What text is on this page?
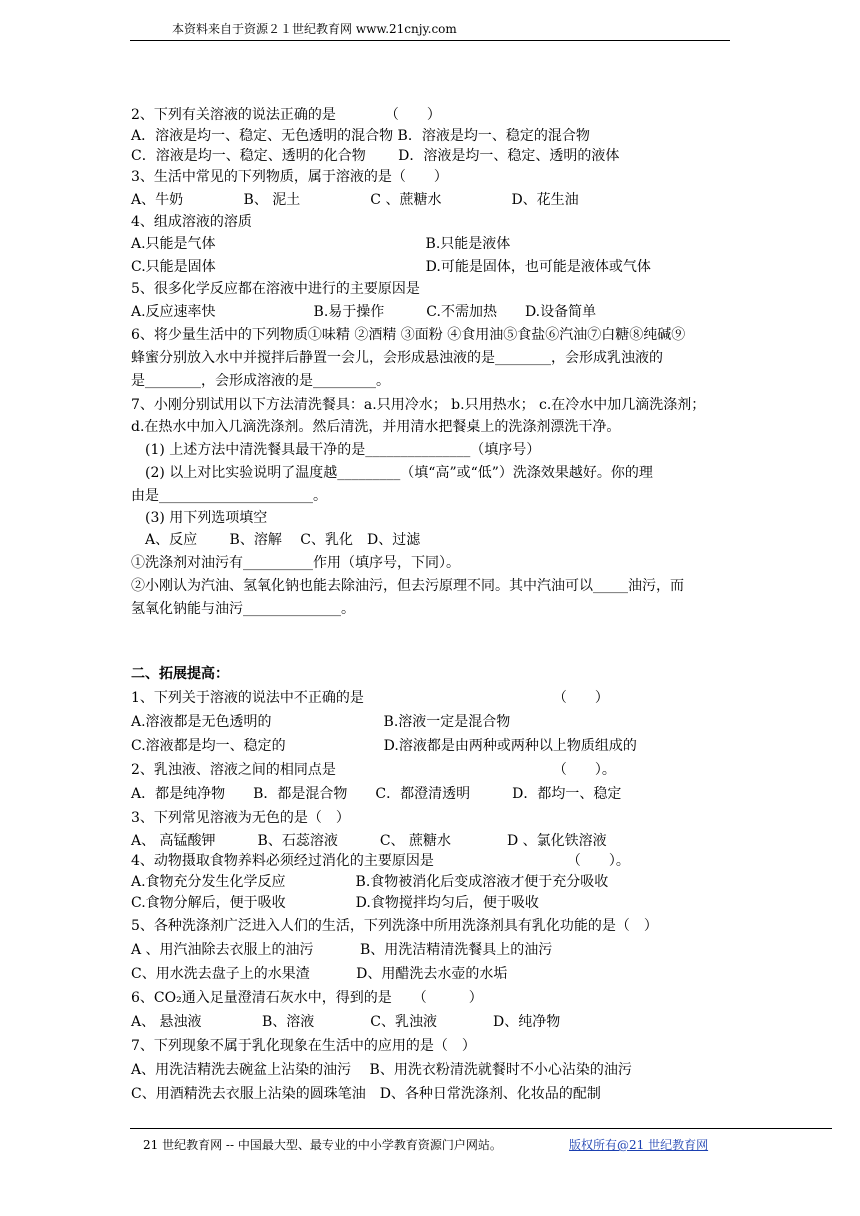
本资料来自于资源２１世纪教育网 www.21cnjy.com
2、下列有关溶液的说法正确的是　　　　（　　）
A．溶液是均一、稳定、无色透明的混合物 B．溶液是均一、稳定的混合物
C．溶液是均一、稳定、透明的化合物　　 D．溶液是均一、稳定、透明的液体
3、生活中常见的下列物质，属于溶液的是（　　）
A、牛奶　　　　 B、 泥土　　　　　C 、蔗糖水　　　　　D、花生油
4、组成溶液的溶质
A.只能是气体　　　　　　　　　　　　　　　B.只能是液体
C.只能是固体　　　　　　　　　　　　　　　D.可能是固体，也可能是液体或气体
5、很多化学反应都在溶液中进行的主要原因是
A.反应速率快　　　　　　　B.易于操作　　　C.不需加热　　D.设备简单
6、将少量生活中的下列物质①味精 ②酒精 ③面粉 ④食用油⑤食盐⑥汽油⑦白糖⑧纯碱⑨
蜂蜜分别放入水中并搅拌后静置一会儿，会形成悬浊液的是________，会形成乳浊液的
是________，会形成溶液的是_________。
7、小刚分别试用以下方法清洗餐具：a.只用冷水； b.只用热水； c.在冷水中加几滴洗涤剂；
d.在热水中加入几滴洗涤剂。然后清洗，并用清水把餐桌上的洗涤剂漂洗干净。
　(1) 上述方法中清洗餐具最干净的是_______________（填序号）
　(2) 以上对比实验说明了温度越_________（填“高”或“低”）洗涤效果越好。你的理
由是______________________。
　(3) 用下列选项填空
　A、反应　　 B、溶解　 C、乳化　D、过滤
①洗涤剂对油污有__________作用（填序号，下同）。
②小刚认为汽油、氢氧化钠也能去除油污，但去污原理不同。其中汽油可以_____油污，而
氢氧化钠能与油污______________。
二、拓展提高：
1、下列关于溶液的说法中不正确的是　　　　　　　　　　　　　　（　　）
A.溶液都是无色透明的　　　　　　　　B.溶液一定是混合物
C.溶液都是均一、稳定的　　　　　　　D.溶液都是由两种或两种以上物质组成的
2、乳浊液、溶液之间的相同点是　　　　　　　　　　　　　　　　（　　）。
A．都是纯净物　　B．都是混合物　　C．都澄清透明　　　D．都均一、稳定
3、下列常见溶液为无色的是（　）
A、 高锰酸钾　　　B、石蕊溶液　　　C、 蔗糖水　　　　D 、氯化铁溶液
4、动物摄取食物养料必须经过消化的主要原因是　　　　　　　　　　（　　）。
A.食物充分发生化学反应　　　　　B.食物被消化后变成溶液才便于充分吸收
C.食物分解后，便于吸收　　　　　D.食物搅拌均匀后，便于吸收
5、各种洗涤剂广泛进入人们的生活，下列洗涤中所用洗涤剂具有乳化功能的是（　）
A 、用汽油除去衣服上的油污　　　 B、用洗洁精清洗餐具上的油污
C、用水洗去盘子上的水果渣　　　 D、用醋洗去水壶的水垢
6、CO₂通入足量澄清石灰水中，得到的是　　（　　　）
A、 悬浊液　　　　 B、溶液　　　　C、乳浊液　　　　D、纯净物
7、下列现象不属于乳化现象在生活中的应用的是（　）
A、用洗洁精洗去碗盆上沾染的油污　 B、用洗衣粉清洗就餐时不小心沾染的油污
C、用酒精洗去衣服上沾染的圆珠笔油　D、各种日常洗涤剂、化妆品的配制
21 世纪教育网 -- 中国最大型、最专业的中小学教育资源门户网站。	版权所有@21 世纪教育网
